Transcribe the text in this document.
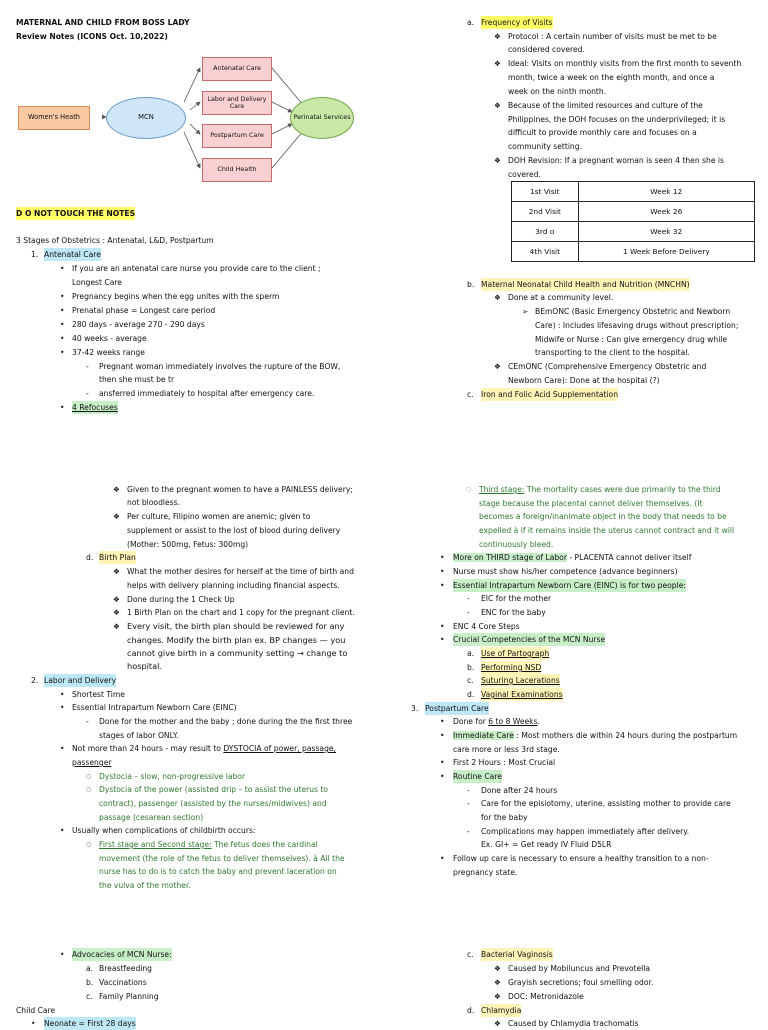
MATERNAL AND CHILD FROM BOSS LADY
Review Notes (ICONS Oct. 10,2022)
Women's Heath	MCN
Antenatal Care
Labor and Delivery Care
Postpartum Care
Child Health
Perinatal Services
D O NOT TOUCH THE NOTES
3 Stages of Obstetrics : Antenatal, L&D, Postpartum
1. Antenatal Care
• If you are an antenatal care nurse you provide care to the client ;
Longest Care
• Pregnancy begins when the egg unites with the sperm
• Prenatal phase = Longest care period
• 280 days - average 270 - 290 days
• 40 weeks - average
• 37-42 weeks range
- Pregnant woman immediately involves the rupture of the BOW,
then she must be tr
- ansferred immediately to hospital after emergency care.
• 4 Refocuses
a. Frequency of Visits
❖ Protocol : A certain number of visits must be met to be
considered covered.
❖ Ideal: Visits on monthly visits from the first month to seventh
month, twice a week on the eighth month, and once a
week on the ninth month.
❖ Because of the limited resources and culture of the
Philippines, the DOH focuses on the underprivileged; it is
difficult to provide monthly care and focuses on a
community setting.
❖ DOH Revision: If a pregnant woman is seen 4 then she is
covered.
1st Visit	Week 12
2nd Visit	Week 26
3rd o	Week 32
4th Visit	1 Week Before Delivery
b. Maternal Neonatal Child Health and Nutrition (MNCHN)
❖ Done at a community level.
➢ BEmONC (Basic Emergency Obstetric and Newborn
Care) : Includes lifesaving drugs without prescription;
Midwife or Nurse : Can give emergency drug while
transporting to the client to the hospital.
❖ CEmONC (Comprehensive Emergency Obstetric and
Newborn Care): Done at the hospital (?)
c. Iron and Folic Acid Supplementation
❖ Given to the pregnant women to have a PAINLESS delivery;
not bloodless.
❖ Per culture, Filipino women are anemic; given to
supplement or assist to the lost of blood during delivery
(Mother: 500mg, Fetus: 300mg)
d. Birth Plan
❖ What the mother desires for herself at the time of birth and
helps with delivery planning including financial aspects.
❖ Done during the 1 Check Up
❖ 1 Birth Plan on the chart and 1 copy for the pregnant client.
❖ Every visit, the birth plan should be reviewed for any
changes. Modify the birth plan ex. BP changes — you
cannot give birth in a community setting → change to
hospital.
2. Labor and Delivery
• Shortest Time
• Essential Intrapartum Newborn Care (EINC)
- Done for the mother and the baby ; done during the the first three
stages of labor ONLY.
• Not more than 24 hours - may result to DYSTOCIA of power, passage,
passenger
○ Dystocia – slow, non-progressive labor
○ Dystocia of the power (assisted drip – to assist the uterus to
contract), passenger (assisted by the nurses/midwives) and
passage (cesarean section)
• Usually when complications of childbirth occurs:
○ First stage and Second stage: The fetus does the cardinal
movement (the role of the fetus to deliver themselves). à All the
nurse has to do is to catch the baby and prevent laceration on
the vulva of the mother.
○ Third stage: The mortality cases were due primarily to the third
stage because the placental cannot deliver themselves. (It
becomes a foreign/inanimate object in the body that needs to be
expelled à if it remains inside the uterus cannot contract and it will
continuously bleed.
• More on THIRD stage of Labor - PLACENTA cannot deliver itself
• Nurse must show his/her competence (advance beginners)
• Essential Intrapartum Newborn Care (EINC) is for two people:
- EIC for the mother
- ENC for the baby
• ENC 4 Core Steps
• Crucial Competencies of the MCN Nurse
a. Use of Partograph
b. Performing NSD
c. Suturing Lacerations
d. Vaginal Examinations
3. Postpartum Care
• Done for 6 to 8 Weeks.
• Immediate Care : Most mothers die within 24 hours during the postpartum
care more or less 3rd stage.
• First 2 Hours : Most Crucial
• Routine Care
- Done after 24 hours
- Care for the episiotomy, uterine, assisting mother to provide care
for the baby
- Complications may happen immediately after delivery.
Ex. GI+ = Get ready IV Fluid D5LR
• Follow up care is necessary to ensure a healthy transition to a non-
pregnancy state.
• Advocacies of MCN Nurse:
a. Breastfeeding
b. Vaccinations
c. Family Planning
Child Care
• Neonate = First 28 days
c. Bacterial Vaginosis
❖ Caused by Mobiluncus and Prevotella
❖ Grayish secretions; foul smelling odor.
❖ DOC: Metronidazole
d. Chlamydia
❖ Caused by Chlamydia trachomatis
